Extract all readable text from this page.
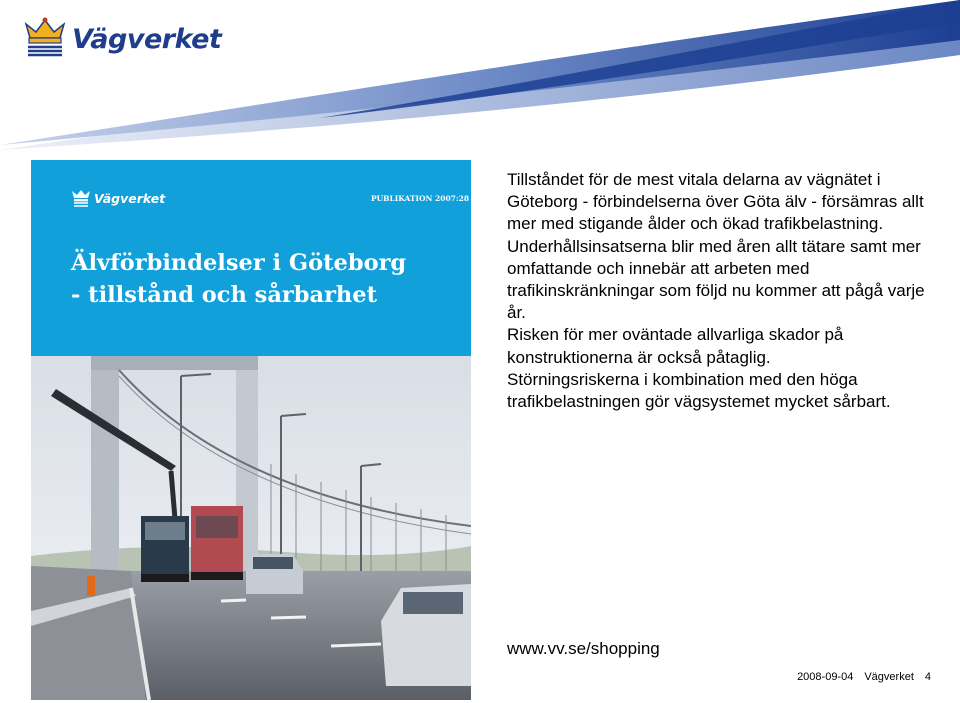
Vägverket
Vägverket	PUBLIKATION 2007:28
Älvförbindelser i Göteborg
- tillstånd och sårbarhet

Tillståndet för de mest vitala delarna av vägnätet i Göteborg - förbindelserna över Göta älv - försämras allt mer med stigande ålder och ökad trafikbelastning.

Underhållsinsatserna blir med åren allt tätare samt mer omfattande och innebär att arbeten med trafikinskränkningar som följd nu kommer att pågå varje år.

Risken för mer oväntade allvarliga skador på konstruktionerna är också påtaglig.

Störningsriskerna i kombination med den höga trafikbelastningen gör vägsystemet mycket sårbart.

www.vv.se/shopping
2008-09-04 Vägverket 4
